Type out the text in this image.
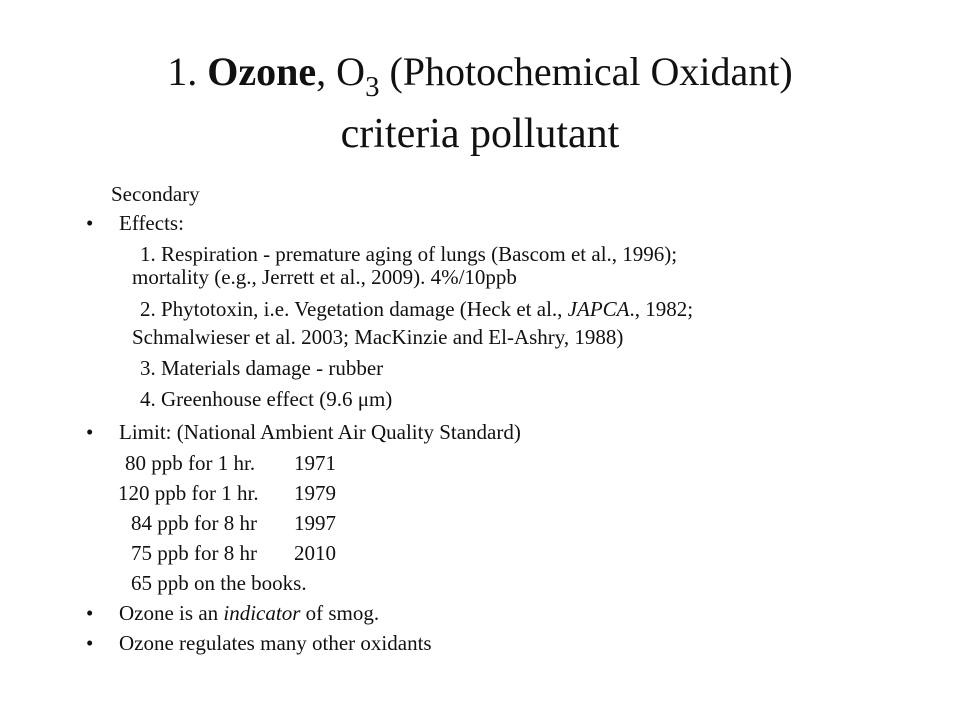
1. Ozone, $O_3$ (Photochemical Oxidant)
criteria pollutant
Secondary
• Effects:
1. Respiration - premature aging of lungs (Bascom et al., 1996);
mortality (e.g., Jerrett et al., 2009). 4%/10ppb
2. Phytotoxin, i.e. Vegetation damage (Heck et al., JAPCA., 1982;
Schmalwieser et al. 2003; MacKinzie and El-Ashry, 1988)
3. Materials damage - rubber
4. Greenhouse effect (9.6 μm)
• Limit: (National Ambient Air Quality Standard)
80 ppb for 1 hr. 1971
120 ppb for 1 hr. 1979
84 ppb for 8 hr 1997
75 ppb for 8 hr 2010
65 ppb on the books.
• Ozone is an indicator of smog.
• Ozone regulates many other oxidants
